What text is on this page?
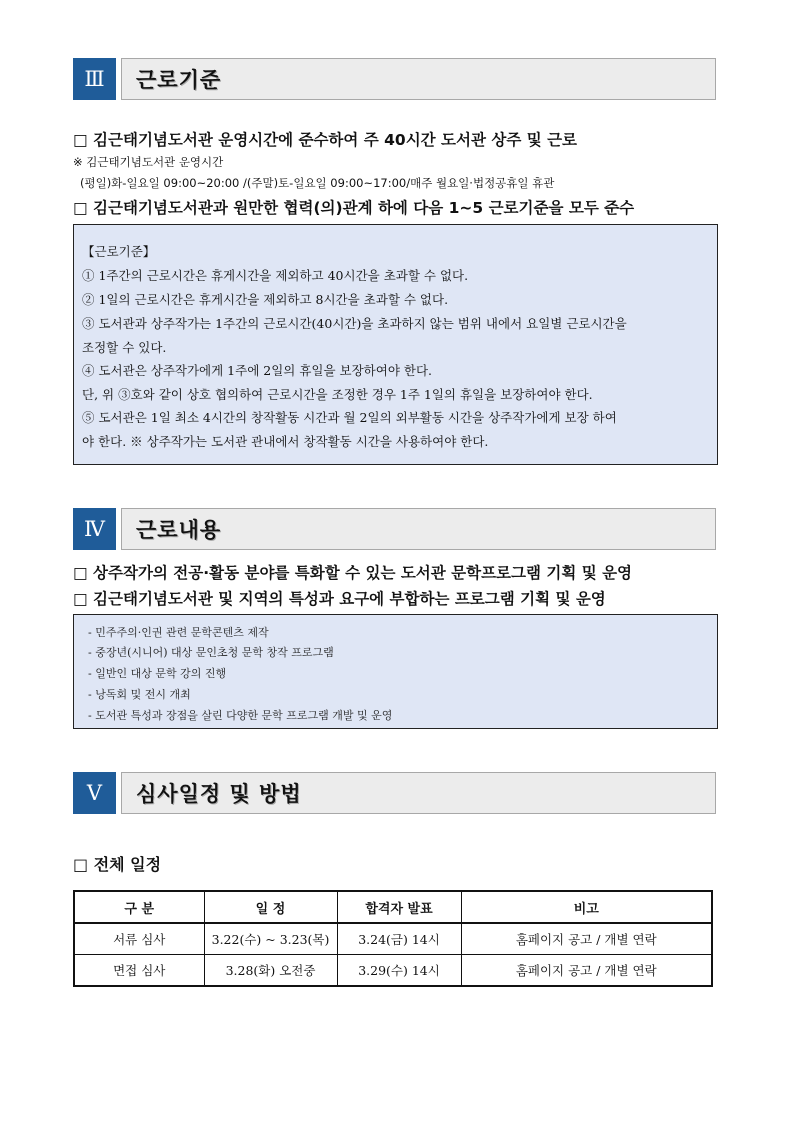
Ⅲ	근로기준
□ 김근태기념도서관 운영시간에 준수하여 주 40시간 도서관 상주 및 근로
※ 김근태기념도서관 운영시간
(평일)화-일요일 09:00~20:00 /(주말)토-일요일 09:00~17:00/매주 월요일·법정공휴일 휴관
□ 김근태기념도서관과 원만한 협력(의)관계 하에 다음 1~5 근로기준을 모두 준수

【근로기준】

① 1주간의 근로시간은 휴게시간을 제외하고 40시간을 초과할 수 없다.

② 1일의 근로시간은 휴게시간을 제외하고 8시간을 초과할 수 없다.

③ 도서관과 상주작가는 1주간의 근로시간(40시간)을 초과하지 않는 범위 내에서 요일별 근로시간을

조정할 수 있다.

④ 도서관은 상주작가에게 1주에 2일의 휴일을 보장하여야 한다.

단, 위 ③호와 같이 상호 협의하여 근로시간을 조정한 경우 1주 1일의 휴일을 보장하여야 한다.

⑤ 도서관은 1일 최소 4시간의 창작활동 시간과 월 2일의 외부활동 시간을 상주작가에게 보장 하여

야 한다. ※ 상주작가는 도서관 관내에서 창작활동 시간을 사용하여야 한다.

Ⅳ	근로내용
□ 상주작가의 전공·활동 분야를 특화할 수 있는 도서관 문학프로그램 기획 및 운영
□ 김근태기념도서관 및 지역의 특성과 요구에 부합하는 프로그램 기획 및 운영

- 민주주의·인권 관련 문학콘텐츠 제작

- 중장년(시니어) 대상 문인초청 문학 창작 프로그램

- 일반인 대상 문학 강의 진행

- 낭독회 및 전시 개최

- 도서관 특성과 장점을 살린 다양한 문학 프로그램 개발 및 운영

Ⅴ	심사일정 및 방법
□ 전체 일정
구 분	일 정	합격자 발표	비고
서류 심사	3.22(수) ~ 3.23(목)	3.24(금) 14시	홈페이지 공고 / 개별 연락
면접 심사	3.28(화) 오전중	3.29(수) 14시	홈페이지 공고 / 개별 연락
